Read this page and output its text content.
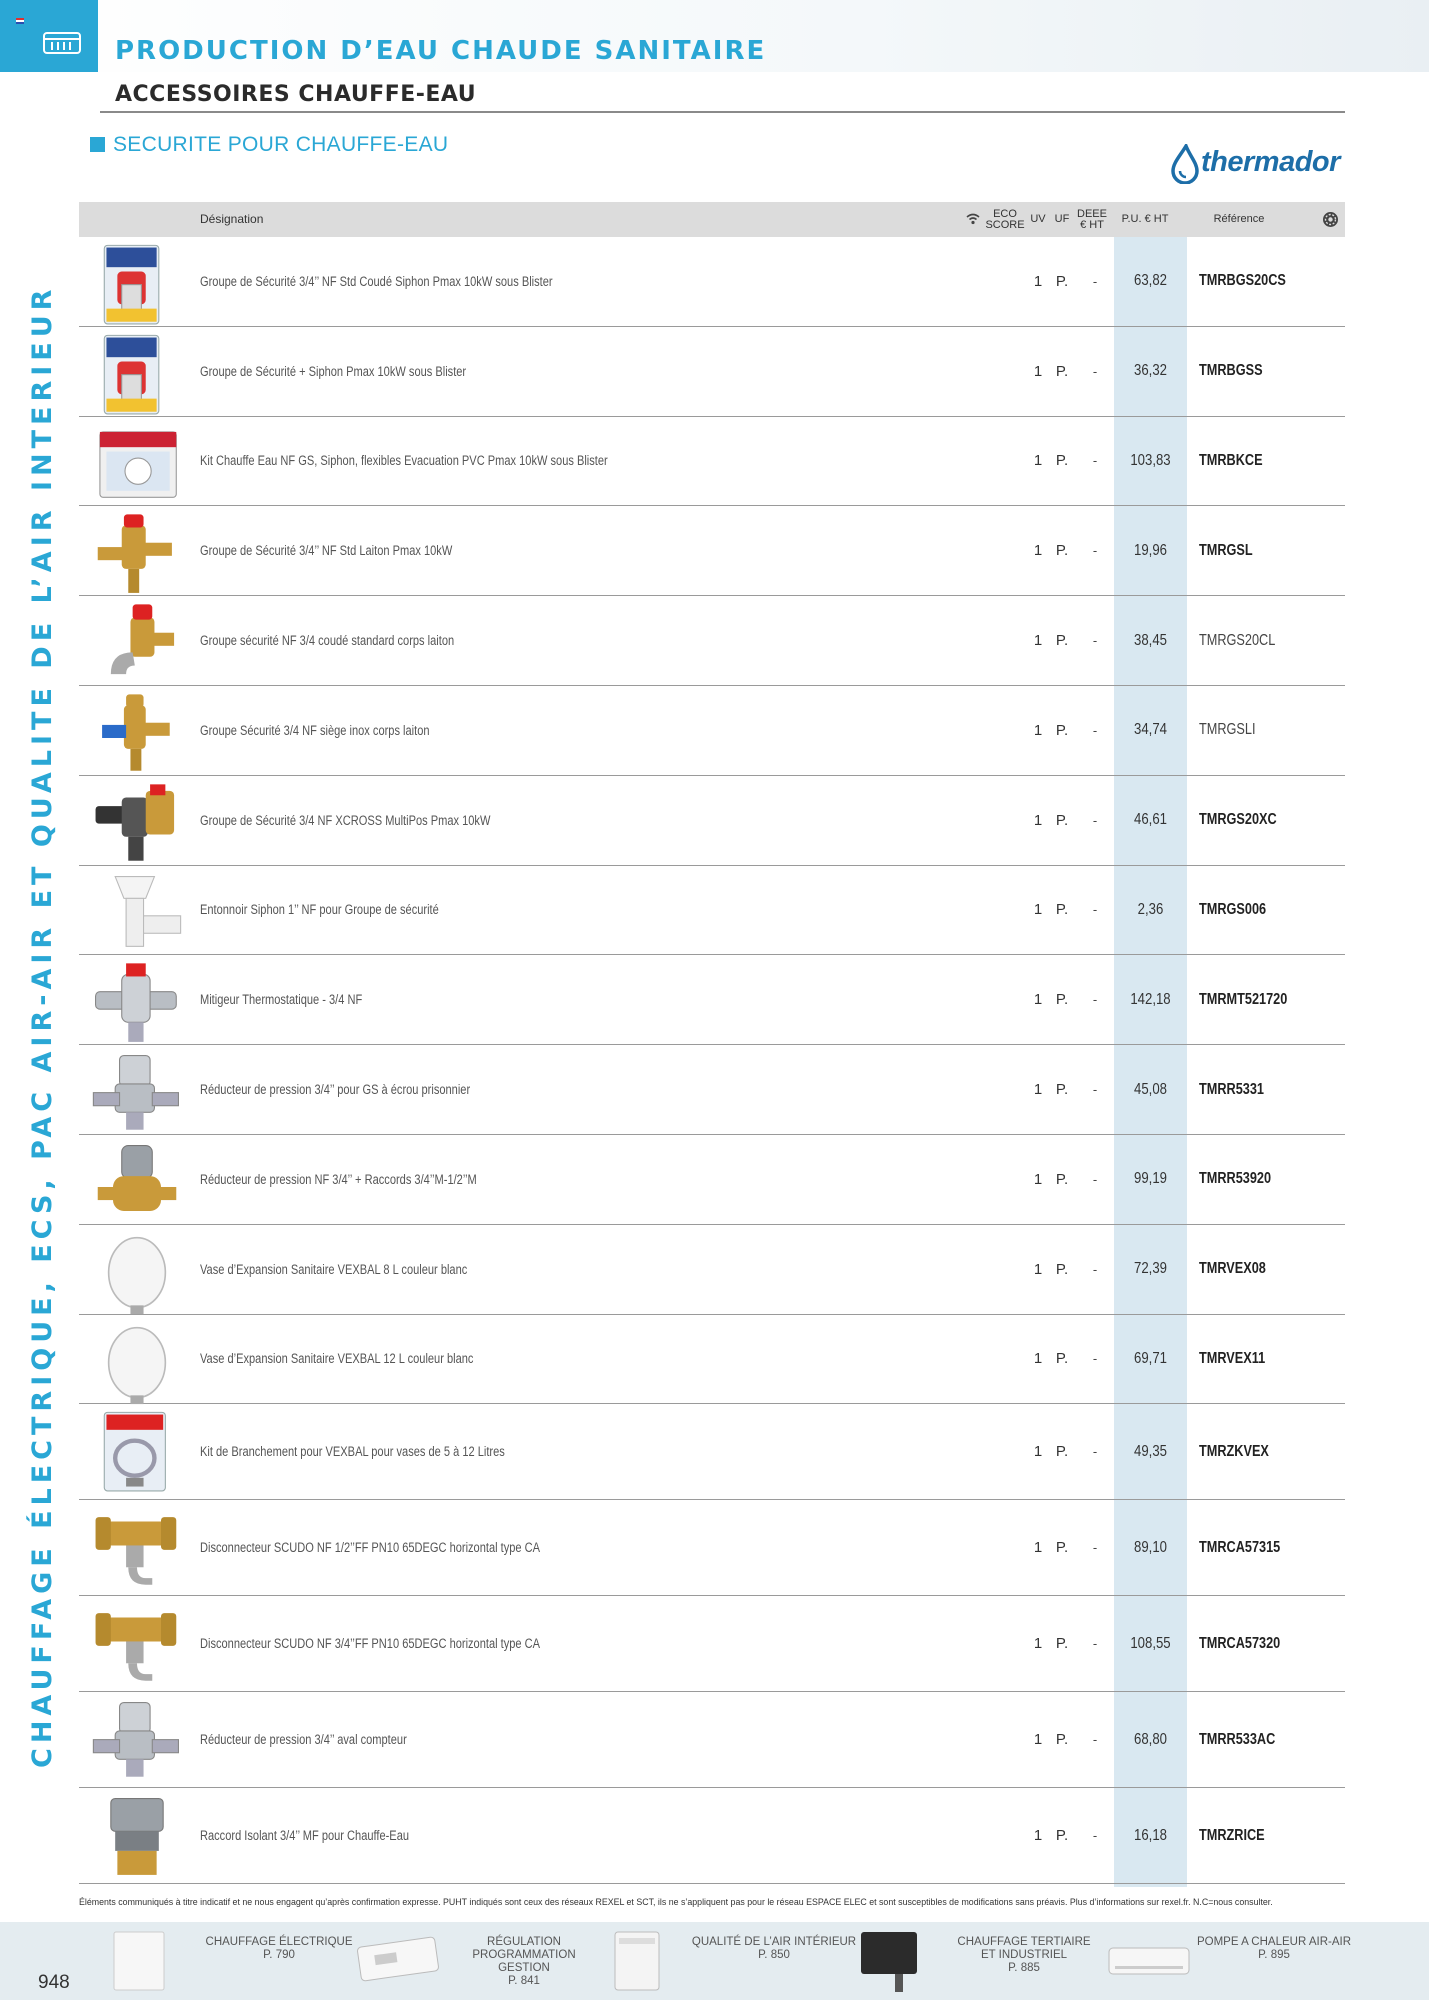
PRODUCTION D’EAU CHAUDE SANITAIRE
ACCESSOIRES CHAUFFE-EAU
SECURITE POUR CHAUFFE-EAU
thermador
CHAUFFAGE ÉLECTRIQUE, ECS, PAC AIR-AIR ET QUALITE DE L’AIR INTERIEUR
Désignation	ECO
SCORE UV UF DEEE
€ HT	P.U. € HT	Référence
Groupe de Sécurité 3/4’’ NF Std Coudé Siphon Pmax 10kW sous Blister	1 P.	-	63,82	TMRBGS20CS
Groupe de Sécurité + Siphon Pmax 10kW sous Blister	1 P.	-	36,32	TMRBGSS
Kit Chauffe Eau NF GS, Siphon, flexibles Evacuation PVC Pmax 10kW sous Blister	1 P.	-	103,83	TMRBKCE
Groupe de Sécurité 3/4’’ NF Std Laiton Pmax 10kW	1 P.	-	19,96	TMRGSL
Groupe sécurité NF 3/4 coudé standard corps laiton	1 P.	-	38,45	TMRGS20CL
Groupe Sécurité 3/4 NF siège inox corps laiton	1 P.	-	34,74	TMRGSLI
Groupe de Sécurité 3/4 NF XCROSS MultiPos Pmax 10kW	1 P.	-	46,61	TMRGS20XC
Entonnoir Siphon 1’’ NF pour Groupe de sécurité	1 P.	-	2,36	TMRGS006
Mitigeur Thermostatique - 3/4 NF	1 P.	-	142,18	TMRMT521720
Réducteur de pression 3/4’’ pour GS à écrou prisonnier	1 P.	-	45,08	TMRR5331
Réducteur de pression NF 3/4’’ + Raccords 3/4’’M-1/2’’M	1 P.	-	99,19	TMRR53920
Vase d’Expansion Sanitaire VEXBAL 8 L couleur blanc	1 P.	-	72,39	TMRVEX08
Vase d’Expansion Sanitaire VEXBAL 12 L couleur blanc	1 P.	-	69,71	TMRVEX11
Kit de Branchement pour VEXBAL pour vases de 5 à 12 Litres	1 P.	-	49,35	TMRZKVEX
Disconnecteur SCUDO NF 1/2’’FF PN10 65DEGC horizontal type CA	1 P.	-	89,10	TMRCA57315
Disconnecteur SCUDO NF 3/4’’FF PN10 65DEGC horizontal type CA	1 P.	-	108,55	TMRCA57320
Réducteur de pression 3/4’’ aval compteur	1 P.	-	68,80	TMRR533AC
Raccord Isolant 3/4’’ MF pour Chauffe-Eau	1 P.	-	16,18	TMRZRICE
Éléments communiqués à titre indicatif et ne nous engagent qu’après confirmation expresse. PUHT indiqués sont ceux des réseaux REXEL et SCT, ils ne s’appliquent pas pour le réseau ESPACE ELEC et sont susceptibles de modifications sans préavis. Plus d’informations sur rexel.fr. N.C=nous consulter.
948
CHAUFFAGE ÉLECTRIQUE
P. 790
RÉGULATION PROGRAMMATION
GESTION
P. 841
QUALITÉ DE L’AIR INTÉRIEUR
P. 850
CHAUFFAGE TERTIAIRE
ET INDUSTRIEL
P. 885
POMPE A CHALEUR AIR-AIR
P. 895
